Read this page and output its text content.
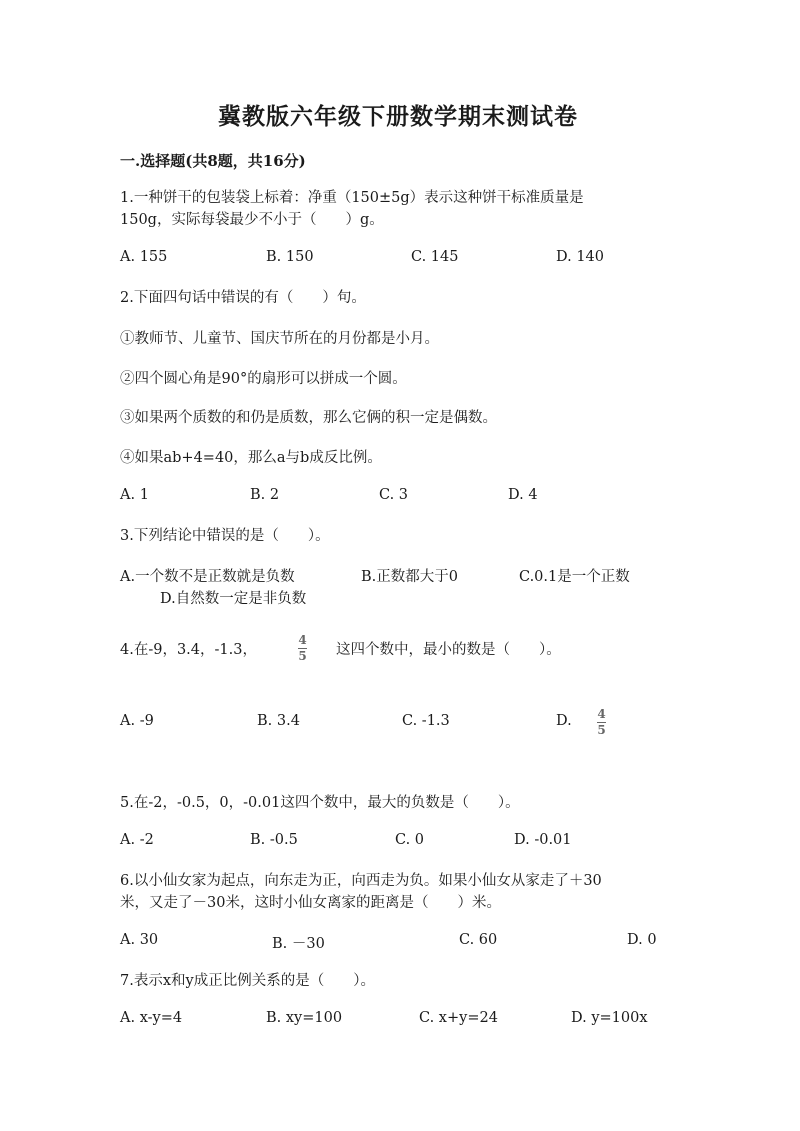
冀教版六年级下册数学期末测试卷
一.选择题(共8题，共16分)
1.一种饼干的包装袋上标着：净重（150±5g）表示这种饼干标准质量是
150g，实际每袋最少不小于（　　）g。
A. 155	B. 150	C. 145	D. 140
2.下面四句话中错误的有（　　）句。
①教师节、儿童节、国庆节所在的月份都是小月。
②四个圆心角是90°的扇形可以拼成一个圆。
③如果两个质数的和仍是质数，那么它俩的积一定是偶数。
④如果ab+4=40，那么a与b成反比例。
A. 1	B. 2	C. 3	D. 4
3.下列结论中错误的是（　　）。
A.一个数不是正数就是负数	B.正数都大于0	C.0.1是一个正数
D.自然数一定是非负数
4.在-9，3.4，-1.3，
4
5 这四个数中，最小的数是（　　）。
A. -9	B. 3.4	C. -1.3	D. 4
5
5.在-2，-0.5，0，-0.01这四个数中，最大的负数是（　　）。
A. -2	B. -0.5	C. 0	D. -0.01
6.以小仙女家为起点，向东走为正，向西走为负。如果小仙女从家走了＋30
米，又走了－30米，这时小仙女离家的距离是（　　）米。
A. 30	B. －30	C. 60	D. 0
7.表示x和y成正比例关系的是（　　）。
A. x-y=4	B. xy=100	C. x+y=24	D. y=100x
